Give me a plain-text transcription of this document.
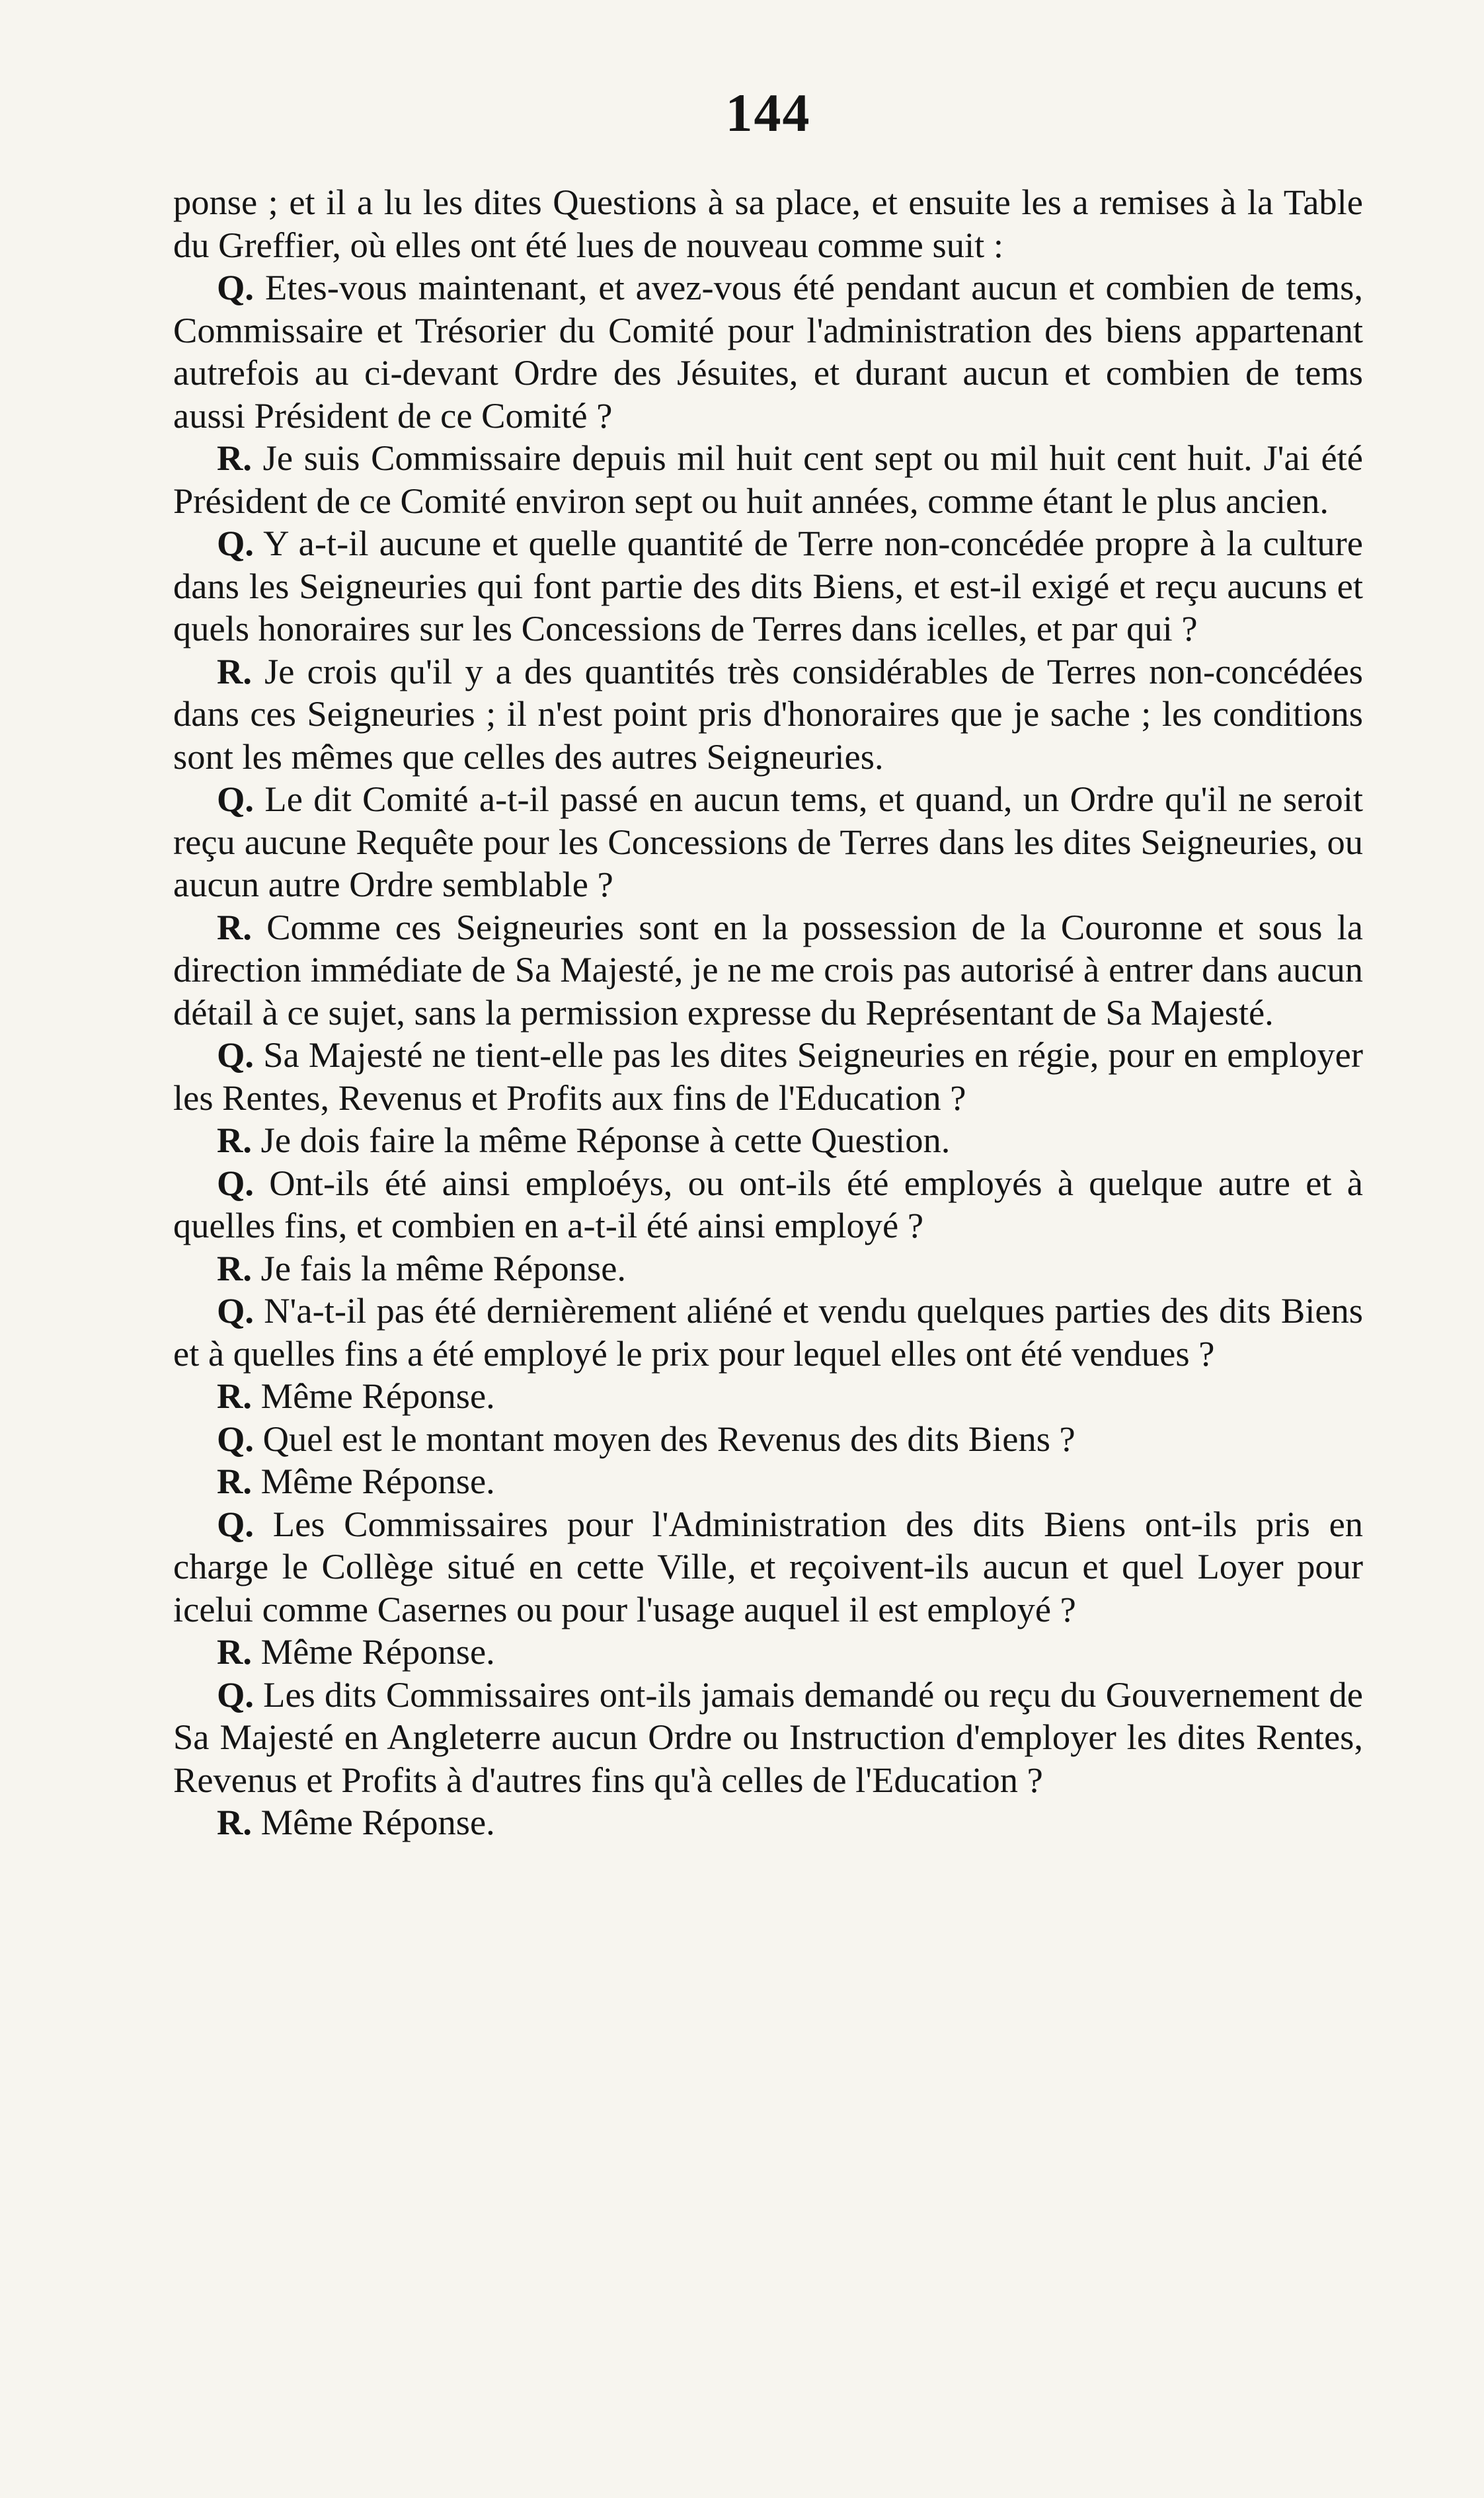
144

ponse ; et il a lu les dites Questions à sa place, et ensuite les a remises à la Table du Greffier, où elles ont été lues de nouveau comme suit :

Q. Etes-vous maintenant, et avez-vous été pendant aucun et combien de tems, Commissaire et Trésorier du Comité pour l'administration des biens appartenant autrefois au ci-devant Ordre des Jésuites, et durant aucun et combien de tems aussi Président de ce Comité ?

R. Je suis Commissaire depuis mil huit cent sept ou mil huit cent huit. J'ai été Président de ce Comité environ sept ou huit années, comme étant le plus ancien.

Q. Y a-t-il aucune et quelle quantité de Terre non-concédée propre à la culture dans les Seigneuries qui font partie des dits Biens, et est-il exigé et reçu aucuns et quels honoraires sur les Concessions de Terres dans icelles, et par qui ?

R. Je crois qu'il y a des quantités très considérables de Terres non-concédées dans ces Seigneuries ; il n'est point pris d'honoraires que je sache ; les conditions sont les mêmes que celles des autres Seigneuries.

Q. Le dit Comité a-t-il passé en aucun tems, et quand, un Ordre qu'il ne seroit reçu aucune Requête pour les Concessions de Terres dans les dites Seigneuries, ou aucun autre Ordre semblable ?

R. Comme ces Seigneuries sont en la possession de la Couronne et sous la direction immédiate de Sa Majesté, je ne me crois pas autorisé à entrer dans aucun détail à ce sujet, sans la permission expresse du Représentant de Sa Majesté.

Q. Sa Majesté ne tient-elle pas les dites Seigneuries en régie, pour en employer les Rentes, Revenus et Profits aux fins de l'Education ?

R. Je dois faire la même Réponse à cette Question.

Q. Ont-ils été ainsi emploéys, ou ont-ils été employés à quelque autre et à quelles fins, et combien en a-t-il été ainsi employé ?

R. Je fais la même Réponse.

Q. N'a-t-il pas été dernièrement aliéné et vendu quelques parties des dits Biens et à quelles fins a été employé le prix pour lequel elles ont été vendues ?

R. Même Réponse.

Q. Quel est le montant moyen des Revenus des dits Biens ?

R. Même Réponse.

Q. Les Commissaires pour l'Administration des dits Biens ont-ils pris en charge le Collège situé en cette Ville, et reçoivent-ils aucun et quel Loyer pour icelui comme Casernes ou pour l'usage auquel il est employé ?

R. Même Réponse.

Q. Les dits Commissaires ont-ils jamais demandé ou reçu du Gouvernement de Sa Majesté en Angleterre aucun Ordre ou Instruction d'employer les dites Rentes, Revenus et Profits à d'autres fins qu'à celles de l'Education ?

R. Même Réponse.
